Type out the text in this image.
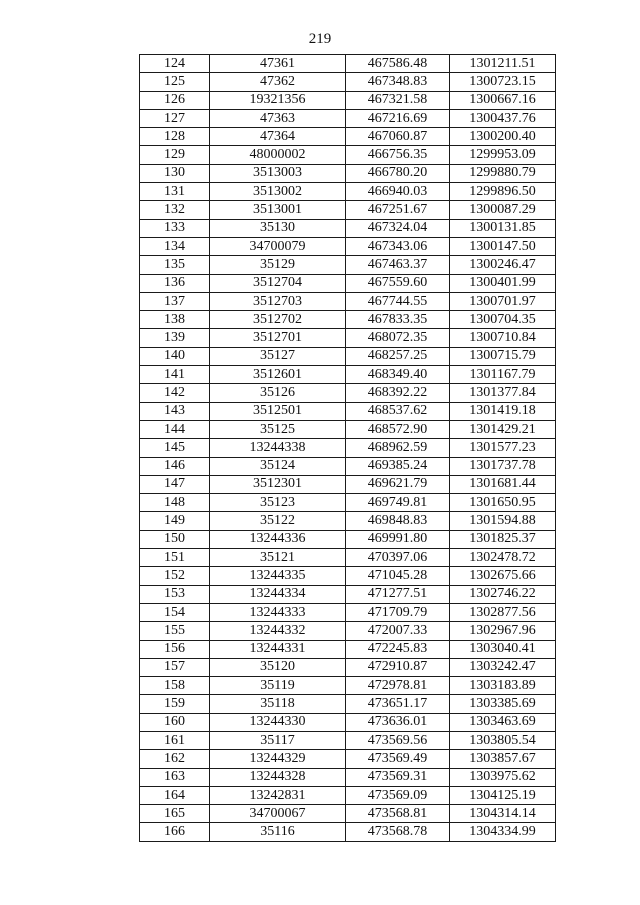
219
124	47361	467586.48	1301211.51
125	47362	467348.83	1300723.15
126	19321356	467321.58	1300667.16
127	47363	467216.69	1300437.76
128	47364	467060.87	1300200.40
129	48000002	466756.35	1299953.09
130	3513003	466780.20	1299880.79
131	3513002	466940.03	1299896.50
132	3513001	467251.67	1300087.29
133	35130	467324.04	1300131.85
134	34700079	467343.06	1300147.50
135	35129	467463.37	1300246.47
136	3512704	467559.60	1300401.99
137	3512703	467744.55	1300701.97
138	3512702	467833.35	1300704.35
139	3512701	468072.35	1300710.84
140	35127	468257.25	1300715.79
141	3512601	468349.40	1301167.79
142	35126	468392.22	1301377.84
143	3512501	468537.62	1301419.18
144	35125	468572.90	1301429.21
145	13244338	468962.59	1301577.23
146	35124	469385.24	1301737.78
147	3512301	469621.79	1301681.44
148	35123	469749.81	1301650.95
149	35122	469848.83	1301594.88
150	13244336	469991.80	1301825.37
151	35121	470397.06	1302478.72
152	13244335	471045.28	1302675.66
153	13244334	471277.51	1302746.22
154	13244333	471709.79	1302877.56
155	13244332	472007.33	1302967.96
156	13244331	472245.83	1303040.41
157	35120	472910.87	1303242.47
158	35119	472978.81	1303183.89
159	35118	473651.17	1303385.69
160	13244330	473636.01	1303463.69
161	35117	473569.56	1303805.54
162	13244329	473569.49	1303857.67
163	13244328	473569.31	1303975.62
164	13242831	473569.09	1304125.19
165	34700067	473568.81	1304314.14
166	35116	473568.78	1304334.99
